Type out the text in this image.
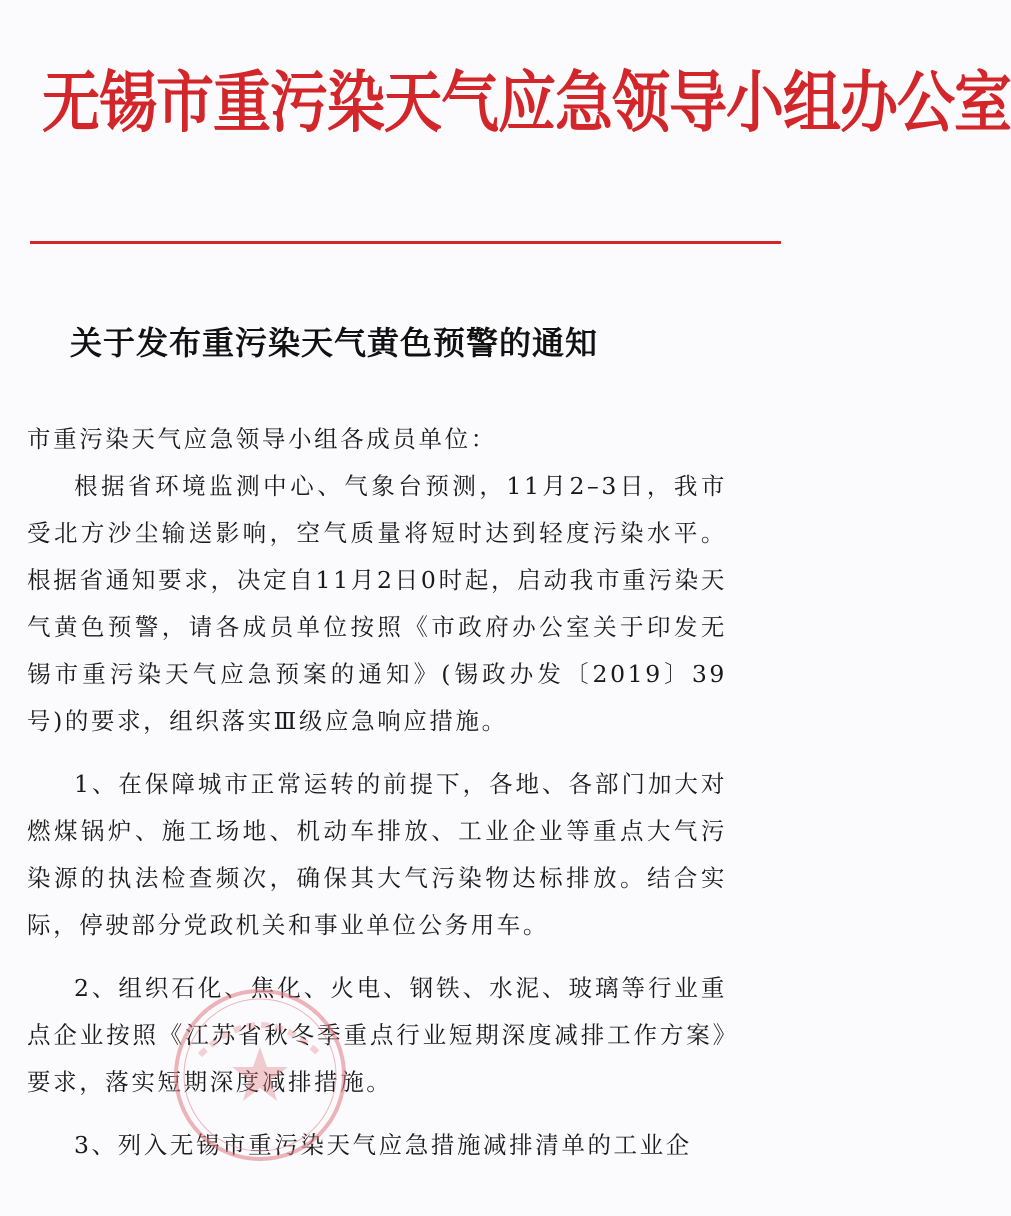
无锡市重污染天气应急领导小组办公室
关于发布重污染天气黄色预警的通知

市重污染天气应急领导小组各成员单位：

根据省环境监测中心、气象台预测，11月2–3日，我市受北方沙尘输送影响，空气质量将短时达到轻度污染水平。根据省通知要求，决定自11月2日0时起，启动我市重污染天气黄色预警，请各成员单位按照《市政府办公室关于印发无锡市重污染天气应急预案的通知》(锡政办发〔2019〕39号)的要求，组织落实Ⅲ级应急响应措施。

1、在保障城市正常运转的前提下，各地、各部门加大对燃煤锅炉、施工场地、机动车排放、工业企业等重点大气污染源的执法检查频次，确保其大气污染物达标排放。结合实际，停驶部分党政机关和事业单位公务用车。

2、组织石化、焦化、火电、钢铁、水泥、玻璃等行业重点企业按照《江苏省秋冬季重点行业短期深度减排工作方案》要求，落实短期深度减排措施。

3、列入无锡市重污染天气应急措施减排清单的工业企
